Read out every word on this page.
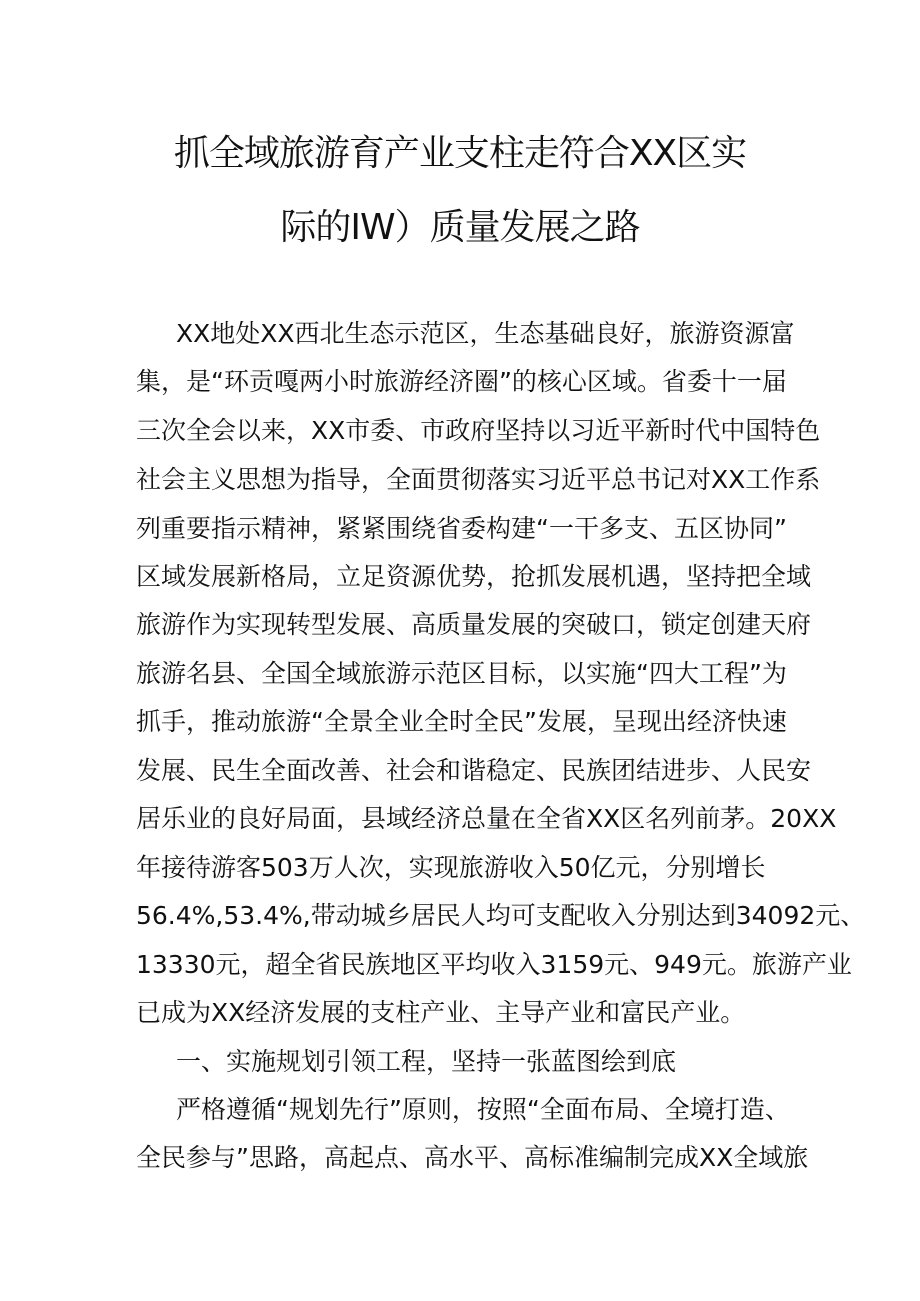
抓全域旅游育产业支柱走符合XX区实
际的IW）质量发展之路
XX地处XX西北生态示范区，生态基础良好，旅游资源富
集，是“环贡嘎两小时旅游经济圈”的核心区域。省委十一届
三次全会以来，XX市委、市政府坚持以习近平新时代中国特色
社会主义思想为指导，全面贯彻落实习近平总书记对XX工作系
列重要指示精神，紧紧围绕省委构建“一干多支、五区协同”
区域发展新格局，立足资源优势，抢抓发展机遇，坚持把全域
旅游作为实现转型发展、高质量发展的突破口，锁定创建天府
旅游名县、全国全域旅游示范区目标，以实施“四大工程”为
抓手，推动旅游“全景全业全时全民”发展，呈现出经济快速
发展、民生全面改善、社会和谐稳定、民族团结进步、人民安
居乐业的良好局面，县域经济总量在全省XX区名列前茅。20XX
年接待游客503万人次，实现旅游收入50亿元，分别增长
56.4%,53.4%,带动城乡居民人均可支配收入分别达到34092元、
13330元，超全省民族地区平均收入3159元、949元。旅游产业
已成为XX经济发展的支柱产业、主导产业和富民产业。
一、实施规划引领工程，坚持一张蓝图绘到底
严格遵循“规划先行”原则，按照“全面布局、全境打造、
全民参与”思路，高起点、高水平、高标准编制完成XX全域旅
